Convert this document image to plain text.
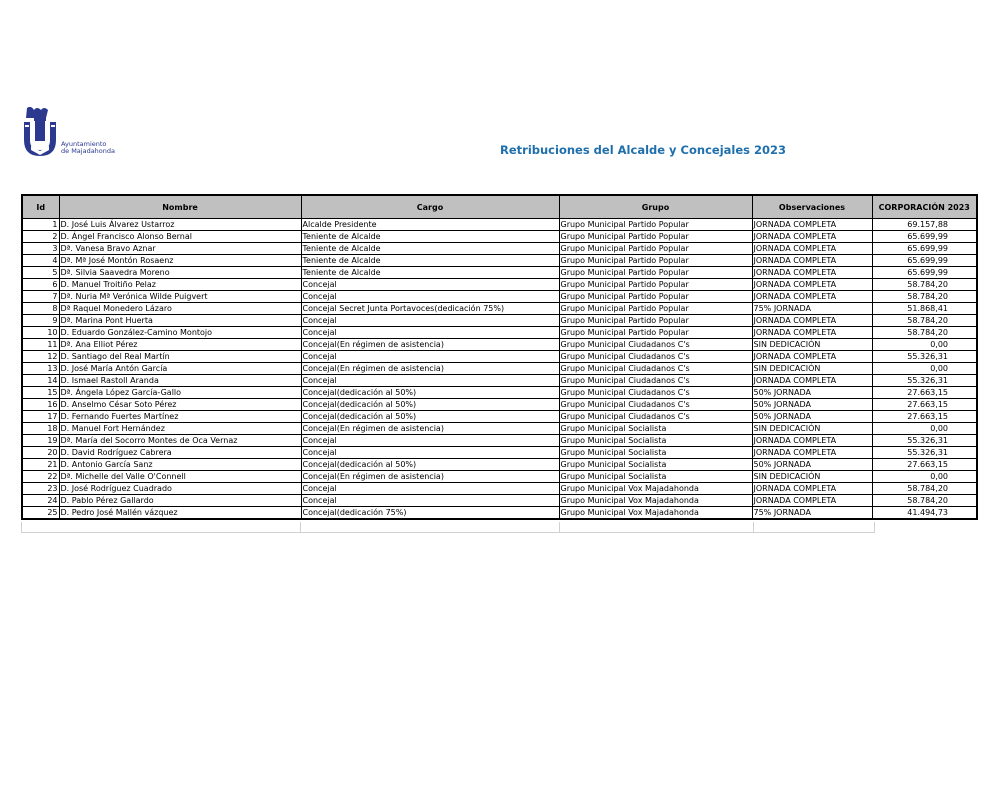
Ayuntamiento
de Majadahonda	Retribuciones del Alcalde y Concejales 2023
Id	Nombre	Cargo	Grupo	Observaciones	CORPORACIÓN 2023
1	D. José Luis Álvarez Ustarroz	Alcalde Presidente	Grupo Municipal Partido Popular	JORNADA COMPLETA	69.157,88
2	D. Ángel Francisco Alonso Bernal	Teniente de Alcalde	Grupo Municipal Partido Popular	JORNADA COMPLETA	65.699,99
3	Dª. Vanesa Bravo Aznar	Teniente de Alcalde	Grupo Municipal Partido Popular	JORNADA COMPLETA	65.699,99
4	Dª. Mª José Montón Rosaenz	Teniente de Alcalde	Grupo Municipal Partido Popular	JORNADA COMPLETA	65.699,99
5	Dª. Silvia Saavedra Moreno	Teniente de Alcalde	Grupo Municipal Partido Popular	JORNADA COMPLETA	65.699,99
6	D. Manuel Troitiño Pelaz	Concejal	Grupo Municipal Partido Popular	JORNADA COMPLETA	58.784,20
7	Dª. Nuria Mª Verónica Wilde Puigvert	Concejal	Grupo Municipal Partido Popular	JORNADA COMPLETA	58.784,20
8	Dª Raquel Monedero Lázaro	Concejal Secret Junta Portavoces(dedicación 75%)	Grupo Municipal Partido Popular	75% JORNADA	51.868,41
9	Dª. Marina Pont Huerta	Concejal	Grupo Municipal Partido Popular	JORNADA COMPLETA	58.784,20
10	D. Eduardo González-Camino Montojo	Concejal	Grupo Municipal Partido Popular	JORNADA COMPLETA	58.784,20
11	Dª. Ana Elliot Pérez	Concejal(En régimen de asistencia)	Grupo Municipal Ciudadanos C's	SIN DEDICACIÓN	0,00
12	D. Santiago del Real Martín	Concejal	Grupo Municipal Ciudadanos C's	JORNADA COMPLETA	55.326,31
13	D. José María Antón García	Concejal(En régimen de asistencia)	Grupo Municipal Ciudadanos C's	SIN DEDICACIÓN	0,00
14	D. Ismael Rastoll Aranda	Concejal	Grupo Municipal Ciudadanos C's	JORNADA COMPLETA	55.326,31
15	Dª. Ángela López García-Gallo	Concejal(dedicación al 50%)	Grupo Municipal Ciudadanos C's	50% JORNADA	27.663,15
16	D. Anselmo César Soto Pérez	Concejal(dedicación al 50%)	Grupo Municipal Ciudadanos C's	50% JORNADA	27.663,15
17	D. Fernando Fuertes Martínez	Concejal(dedicación al 50%)	Grupo Municipal Ciudadanos C's	50% JORNADA	27.663,15
18	D. Manuel Fort Hernández	Concejal(En régimen de asistencia)	Grupo Municipal Socialista	SIN DEDICACIÓN	0,00
19	Dª. María del Socorro Montes de Oca Vernaz	Concejal	Grupo Municipal Socialista	JORNADA COMPLETA	55.326,31
20	D. David Rodríguez Cabrera	Concejal	Grupo Municipal Socialista	JORNADA COMPLETA	55.326,31
21	D. Antonio García Sanz	Concejal(dedicación al 50%)	Grupo Municipal Socialista	50% JORNADA	27.663,15
22	Dª. Michelle del Valle O'Connell	Concejal(En régimen de asistencia)	Grupo Municipal Socialista	SIN DEDICACIÓN	0,00
23	D. José Rodríguez Cuadrado	Concejal	Grupo Municipal Vox Majadahonda	JORNADA COMPLETA	58.784,20
24	D. Pablo Pérez Gallardo	Concejal	Grupo Municipal Vox Majadahonda	JORNADA COMPLETA	58.784,20
25	D. Pedro José Mallén vázquez	Concejal(dedicación 75%)	Grupo Municipal Vox Majadahonda	75% JORNADA	41.494,73
